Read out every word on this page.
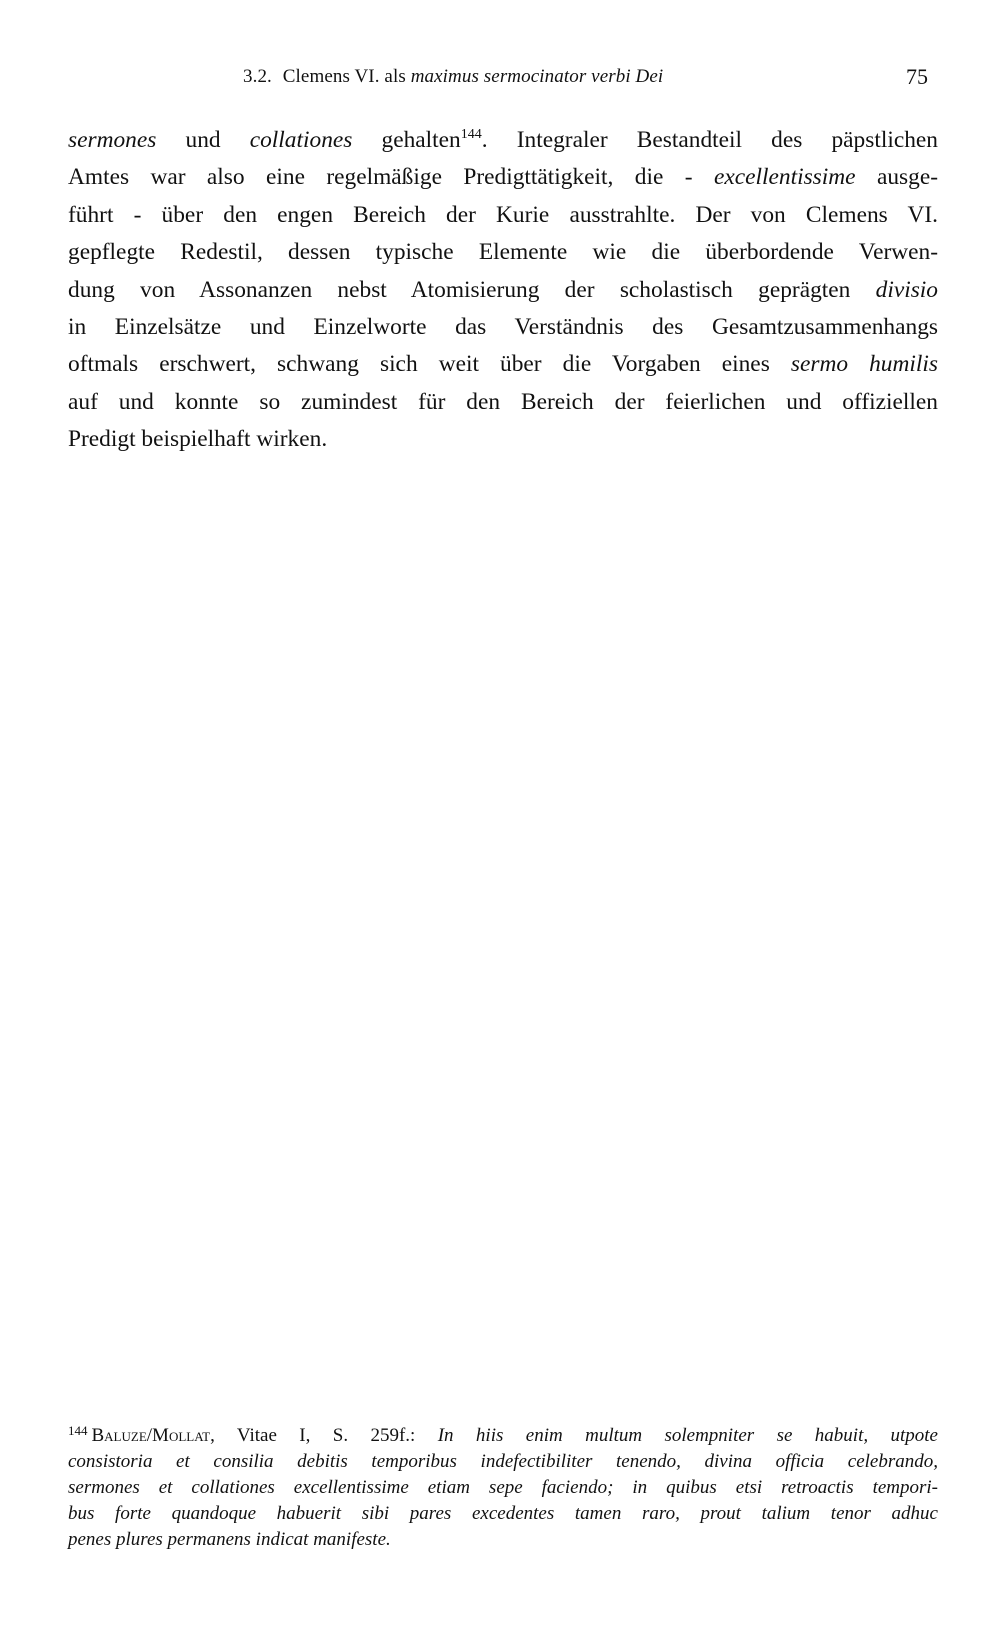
3.2. Clemens VI. als maximus sermocinator verbi Dei	75
sermones und collationes gehalten$^{144}$. Integraler Bestandteil des päpstlichen
Amtes war also eine regelmäßige Predigttätigkeit, die - excellentissime ausge-
führt - über den engen Bereich der Kurie ausstrahlte. Der von Clemens VI.
gepflegte Redestil, dessen typische Elemente wie die überbordende Verwen-
dung von Assonanzen nebst Atomisierung der scholastisch geprägten divisio
in Einzelsätze und Einzelworte das Verständnis des Gesamtzusammenhangs
oftmals erschwert, schwang sich weit über die Vorgaben eines sermo humilis
auf und konnte so zumindest für den Bereich der feierlichen und offiziellen
Predigt beispielhaft wirken.
$^{144}$ Baluze/Mollat, Vitae I, S. 259f.: In hiis enim multum solempniter se habuit, utpote
consistoria et consilia debitis temporibus indefectibiliter tenendo, divina officia celebrando,
sermones et collationes excellentissime etiam sepe faciendo; in quibus etsi retroactis tempori-
bus forte quandoque habuerit sibi pares excedentes tamen raro, prout talium tenor adhuc
penes plures permanens indicat manifeste.
